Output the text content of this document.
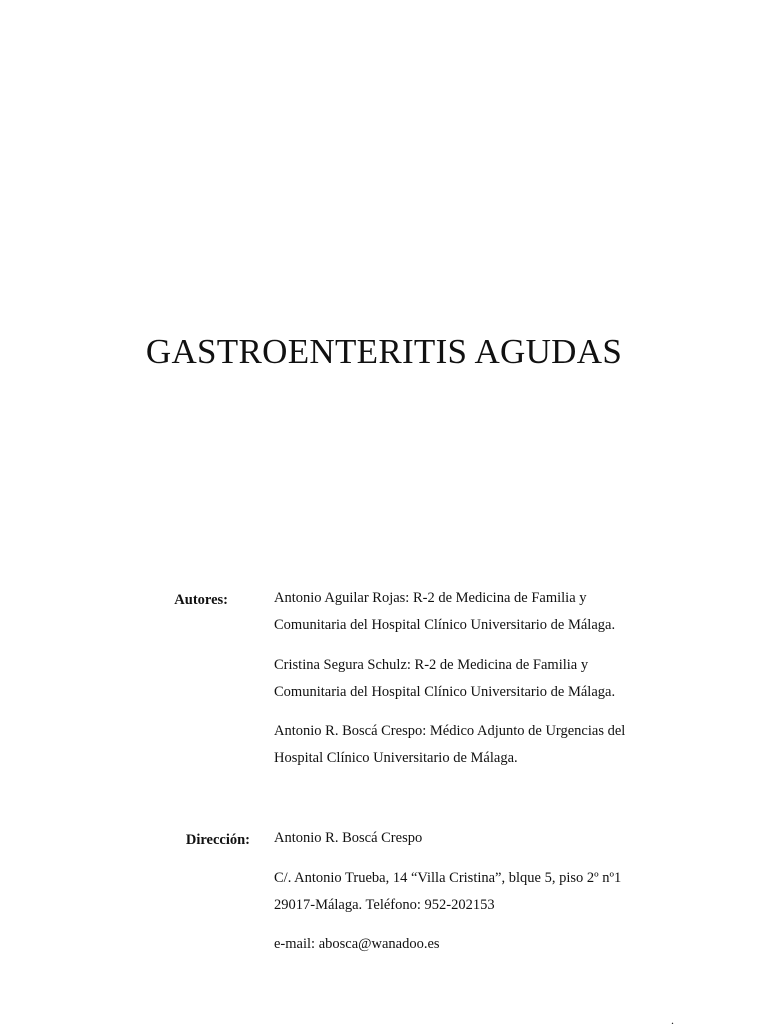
GASTROENTERITIS AGUDAS
Autores:	Antonio Aguilar Rojas: R-2 de Medicina de Familia y
Comunitaria del Hospital Clínico Universitario de Málaga.
Cristina Segura Schulz: R-2 de Medicina de Familia y
Comunitaria del Hospital Clínico Universitario de Málaga.
Antonio R. Boscá Crespo: Médico Adjunto de Urgencias del
Hospital Clínico Universitario de Málaga.
Dirección: Antonio R. Boscá Crespo
C/. Antonio Trueba, 14 “Villa Cristina”, blque 5, piso 2º nº1
29017-Málaga. Teléfono: 952-202153
e-mail: abosca@wanadoo.es
.
